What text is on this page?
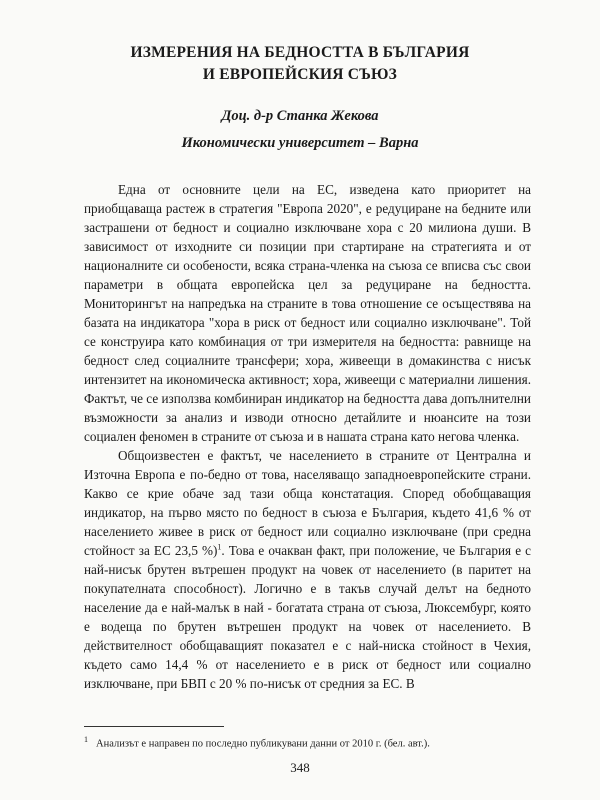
ИЗМЕРЕНИЯ НА БЕДНОСТТА В БЪЛГАРИЯ
И ЕВРОПЕЙСКИЯ СЪЮЗ
Доц. д-р Станка Жекова
Икономически университет – Варна

Една от основните цели на ЕС, изведена като приоритет на приобщаваща растеж в стратегия "Европа 2020", е редуциране на бедните или застрашени от бедност и социално изключване хора с 20 милиона души. В зависимост от изходните си позиции при стартиране на стратегията и от националните си особености, всяка страна-членка на съюза се вписва със свои параметри в общата европейска цел за редуциране на бедността. Мониторингът на напредъка на страните в това отношение се осъществява на базата на индикатора "хора в риск от бедност или социално изключване". Той се конструира като комбинация от три измерителя на бедността: равнище на бедност след социалните трансфери; хора, живеещи в домакинства с нисък интензитет на икономическа активност; хора, живеещи с материални лишения. Фактът, че се използва комбиниран индикатор на бедността дава допълнителни възможности за анализ и изводи относно детайлите и нюансите на този социален феномен в страните от съюза и в нашата страна като негова членка.

Общоизвестен е фактът, че населението в страните от Централна и Източна Европа е по-бедно от това, населяващо западноевропейските страни. Какво се крие обаче зад тази обща констатация. Според обобщаващия индикатор, на първо място по бедност в съюза е България, където 41,6 % от населението живее в риск от бедност или социално изключване (при средна стойност за ЕС 23,5 %)$^1$. Това е очакван факт, при положение, че България е с най-нисък брутен вътрешен продукт на човек от населението (в паритет на покупателната способност). Логично е в такъв случай делът на бедното население да е най-малък в най - богатата страна от съюза, Люксембург, която е водеща по брутен вътрешен продукт на човек от населението. В действителност обобщаващият показател е с най-ниска стойност в Чехия, където само 14,4 % от населението е в риск от бедност или социално изключване, при БВП с 20 % по-нисък от средния за ЕС. В

$^1$ Анализът е направен по последно публикувани данни от 2010 г. (бел. авт.).
348
